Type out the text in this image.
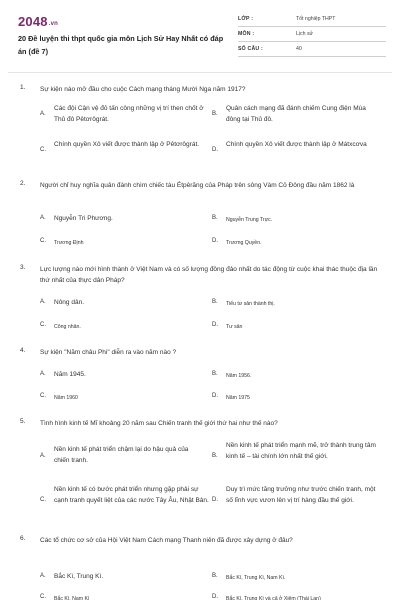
2048.vn
20 Đề luyện thi thpt quốc gia môn Lịch Sử Hay Nhất có đáp án (đề 7)
LỚP :	Tốt nghiệp THPT
MÔN :	Lịch sử
SỐ CÂU :	40
1. Sự kiện nào mở đầu cho cuộc Cách mạng tháng Mười Nga năm 1917?
A.
Các đội Cận vệ đỏ tấn công những vị trí then chốt ở Thủ đô Pêtơrôgrát.
B.
Quân cách mạng đã đánh chiếm Cung điện Mùa đông tại Thủ đô.
C.
Chính quyền Xô viết được thành lập ở Pêtơrôgrát.
D.
Chính quyền Xô viết được thành lập ở Mátxcơva
2. Người chỉ huy nghĩa quân đánh chìm chiếc tàu Étpêrăng của Pháp trên sông Vàm Cỏ Đông đầu năm 1862 là
A. Nguyễn Tri Phương.	B. Nguyễn Trung Trực.
C. Trương Định	D. Trương Quyền.
3. Lực lượng nào mới hình thành ở Việt Nam và có số lượng đông đảo nhất do tác động từ cuộc khai thác thuộc địa lần thứ nhất của thực dân Pháp?
A. Nông dân.	B. Tiểu tư sản thành thị.
C. Công nhân.	D. Tư sản
4. Sự kiện "Năm châu Phi" diễn ra vào năm nào ?
A. Năm 1945.	B. Năm 1956.
C. Năm 1960	D. Năm 1975
5. Tình hình kinh tế Mĩ khoảng 20 năm sau Chiến tranh thế giới thứ hai như thế nào?
A.
Nền kinh tế phát triển chậm lại do hậu quả của chiến tranh.
B.
Nền kinh tế phát triển mạnh mẽ, trở thành trung tâm kinh tế – tài chính lớn nhất thế giới.
C.
Nền kinh tế có bước phát triển nhưng gặp phải sự cạnh tranh quyết liệt của các nước Tây Âu, Nhật Bản. D.
Duy trì mức tăng trưởng như trước chiến tranh, một số lĩnh vực vươn lên vị trí hàng đầu thế giới.
6. Các tổ chức cơ sở của Hội Việt Nam Cách mạng Thanh niên đã được xây dựng ở đâu?
A. Bắc Kì, Trung Kì.	B. Bắc Kì, Trung Kì, Nam Kì.
C. Bắc Kì, Nam Kì	D. Bắc Kì, Trung Kì và cả ở Xiêm (Thái Lan)
